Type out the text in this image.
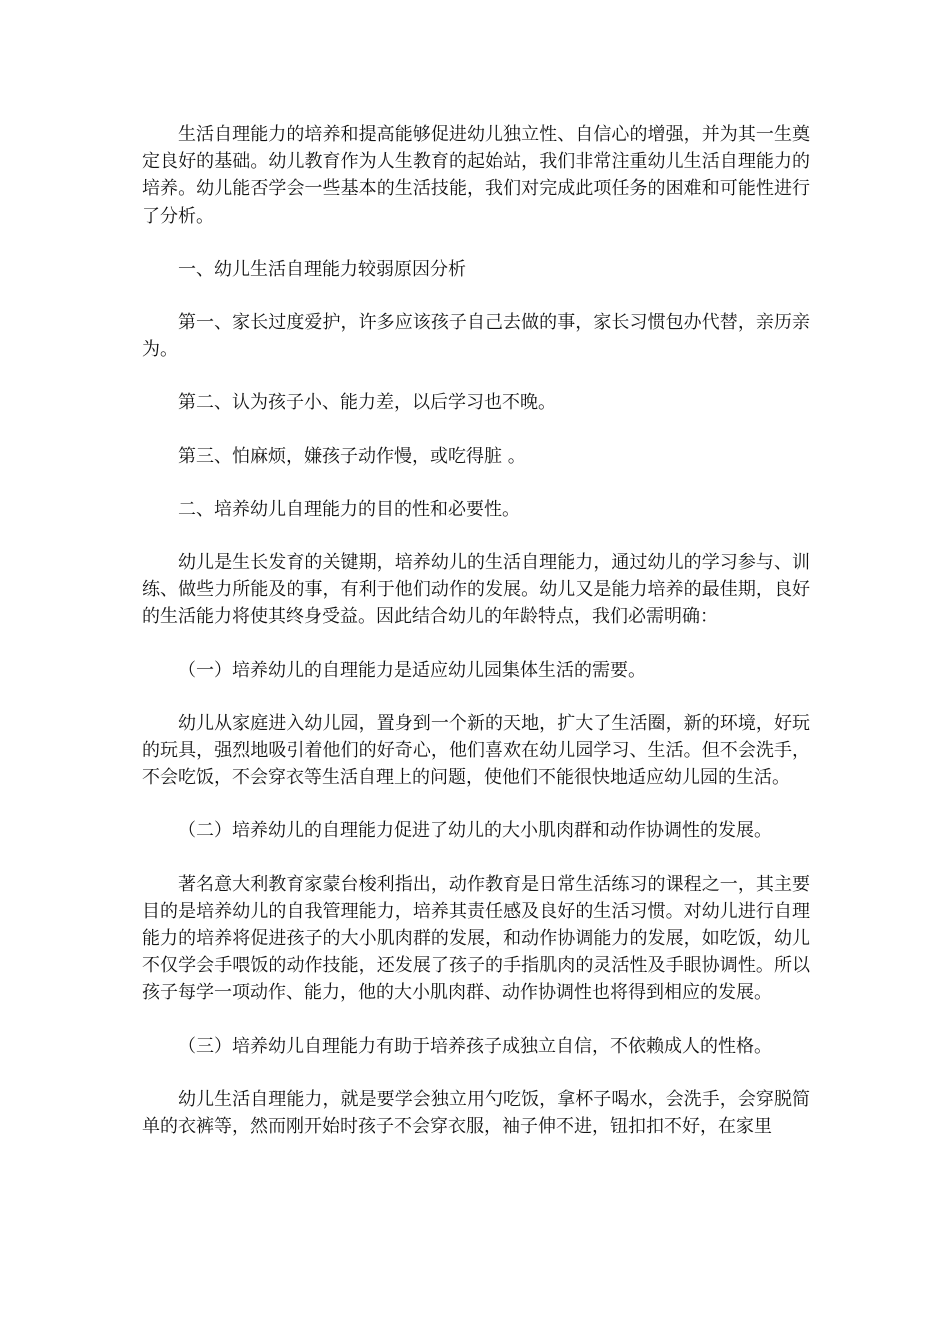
生活自理能力的培养和提高能够促进幼儿独立性、自信心的增强，并为其一生奠定良好的基础。幼儿教育作为人生教育的起始站，我们非常注重幼儿生活自理能力的培养。幼儿能否学会一些基本的生活技能，我们对完成此项任务的困难和可能性进行了分析。

一、幼儿生活自理能力较弱原因分析

第一、家长过度爱护，许多应该孩子自己去做的事，家长习惯包办代替，亲历亲为。

第二、认为孩子小、能力差，以后学习也不晚。

第三、怕麻烦，嫌孩子动作慢，或吃得脏 。

二、培养幼儿自理能力的目的性和必要性。

幼儿是生长发育的关键期，培养幼儿的生活自理能力，通过幼儿的学习参与、训练、做些力所能及的事，有利于他们动作的发展。幼儿又是能力培养的最佳期，良好的生活能力将使其终身受益。因此结合幼儿的年龄特点，我们必需明确：

（一）培养幼儿的自理能力是适应幼儿园集体生活的需要。

幼儿从家庭进入幼儿园，置身到一个新的天地，扩大了生活圈，新的环境，好玩的玩具，强烈地吸引着他们的好奇心，他们喜欢在幼儿园学习、生活。但不会洗手，不会吃饭，不会穿衣等生活自理上的问题，使他们不能很快地适应幼儿园的生活。

（二）培养幼儿的自理能力促进了幼儿的大小肌肉群和动作协调性的发展。

著名意大利教育家蒙台梭利指出，动作教育是日常生活练习的课程之一，其主要目的是培养幼儿的自我管理能力，培养其责任感及良好的生活习惯。对幼儿进行自理能力的培养将促进孩子的大小肌肉群的发展，和动作协调能力的发展，如吃饭，幼儿不仅学会手喂饭的动作技能，还发展了孩子的手指肌肉的灵活性及手眼协调性。所以孩子每学一项动作、能力，他的大小肌肉群、动作协调性也将得到相应的发展。

（三）培养幼儿自理能力有助于培养孩子成独立自信，不依赖成人的性格。

幼儿生活自理能力，就是要学会独立用勺吃饭，拿杯子喝水，会洗手，会穿脱简单的衣裤等，然而刚开始时孩子不会穿衣服，袖子伸不进，钮扣扣不好，在家里
